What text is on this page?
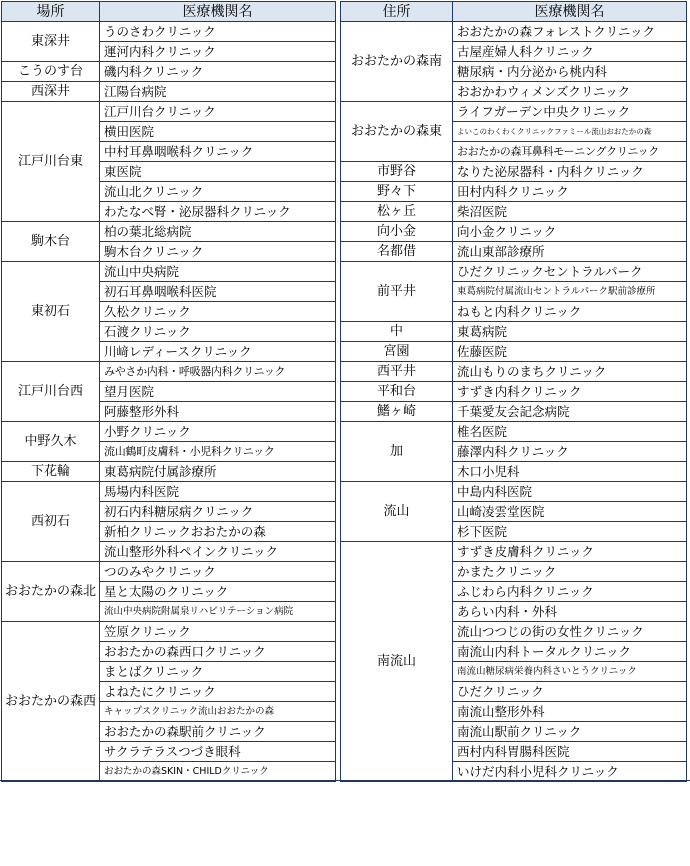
場所	医療機関名
東深井	うのさわクリニック
	運河内科クリニック
こうのす台	磯内科クリニック
西深井	江陽台病院
江戸川台東	江戸川台クリニック
	横田医院
	中村耳鼻咽喉科クリニック
	東医院
	流山北クリニック
	わたなべ腎・泌尿器科クリニック
駒木台	柏の葉北総病院
	駒木台クリニック
東初石	流山中央病院
	初石耳鼻咽喉科医院
	久松クリニック
	石渡クリニック
	川﨑レディースクリニック
江戸川台西	みやさか内科・呼吸器内科クリニック
	望月医院
	阿藤整形外科
中野久木	小野クリニック
	流山鶴町皮膚科・小児科クリニック
下花輪	東葛病院付属診療所
西初石	馬場内科医院
	初石内科糖尿病クリニック
	新柏クリニックおおたかの森
	流山整形外科ペインクリニック
おおたかの森北	つのみやクリニック
	星と太陽のクリニック
	流山中央病院附属泉リハビリテーション病院
おおたかの森西	笠原クリニック
	おおたかの森西口クリニック
	まとばクリニック
	よねたにクリニック
	キャップスクリニック流山おおたかの森
	おおたかの森駅前クリニック
	サクラテラスつづき眼科
	おおたかの森SKIN・CHILDクリニック
住所	医療機関名
おおたかの森南	おおたかの森フォレストクリニック
	古屋産婦人科クリニック
	糖尿病・内分泌から桃内科
	おおかわウィメンズクリニック
おおたかの森東	ライフガーデン中央クリニック
	よいこのわくわくクリニックファミール流山おおたかの森
	おおたかの森耳鼻科モーニングクリニック
市野谷	なりた泌尿器科・内科クリニック
野々下	田村内科クリニック
松ヶ丘	柴沼医院
向小金	向小金クリニック
名都借	流山東部診療所
前平井	ひだクリニックセントラルパーク
	東葛病院付属流山セントラルパーク駅前診療所
	ねもと内科クリニック
中	東葛病院
宮園	佐藤医院
西平井	流山もりのまちクリニック
平和台	すずき内科クリニック
鰭ヶ崎	千葉愛友会記念病院
加	椎名医院
	藤澤内科クリニック
	木口小児科
流山	中島内科医院
	山崎凌雲堂医院
	杉下医院
南流山	すずき皮膚科クリニック
	かまたクリニック
	ふじわら内科クリニック
	あらい内科・外科
	流山つつじの街の女性クリニック
	南流山内科トータルクリニック
	南流山糖尿病栄養内科さいとうクリニック
	ひだクリニック
	南流山整形外科
	南流山駅前クリニック
	西村内科胃腸科医院
	いけだ内科小児科クリニック
